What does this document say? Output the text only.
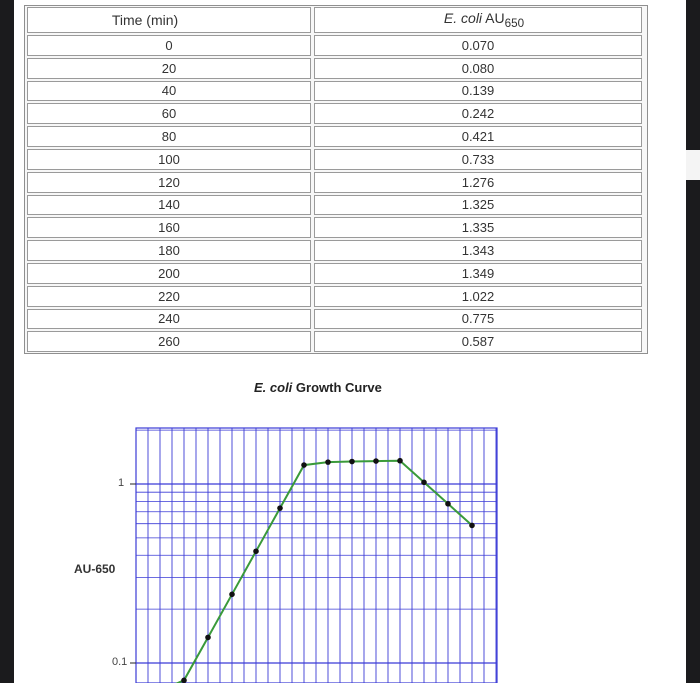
Time (min)	E. coli $AU_{650}$
0	0.070
20	0.080
40	0.139
60	0.242
80	0.421
100	0.733
120	1.276
140	1.325
160	1.335
180	1.343
200	1.349
220	1.022
240	0.775
260	0.587
E. coli Growth Curve
AU-650
1
0.1
